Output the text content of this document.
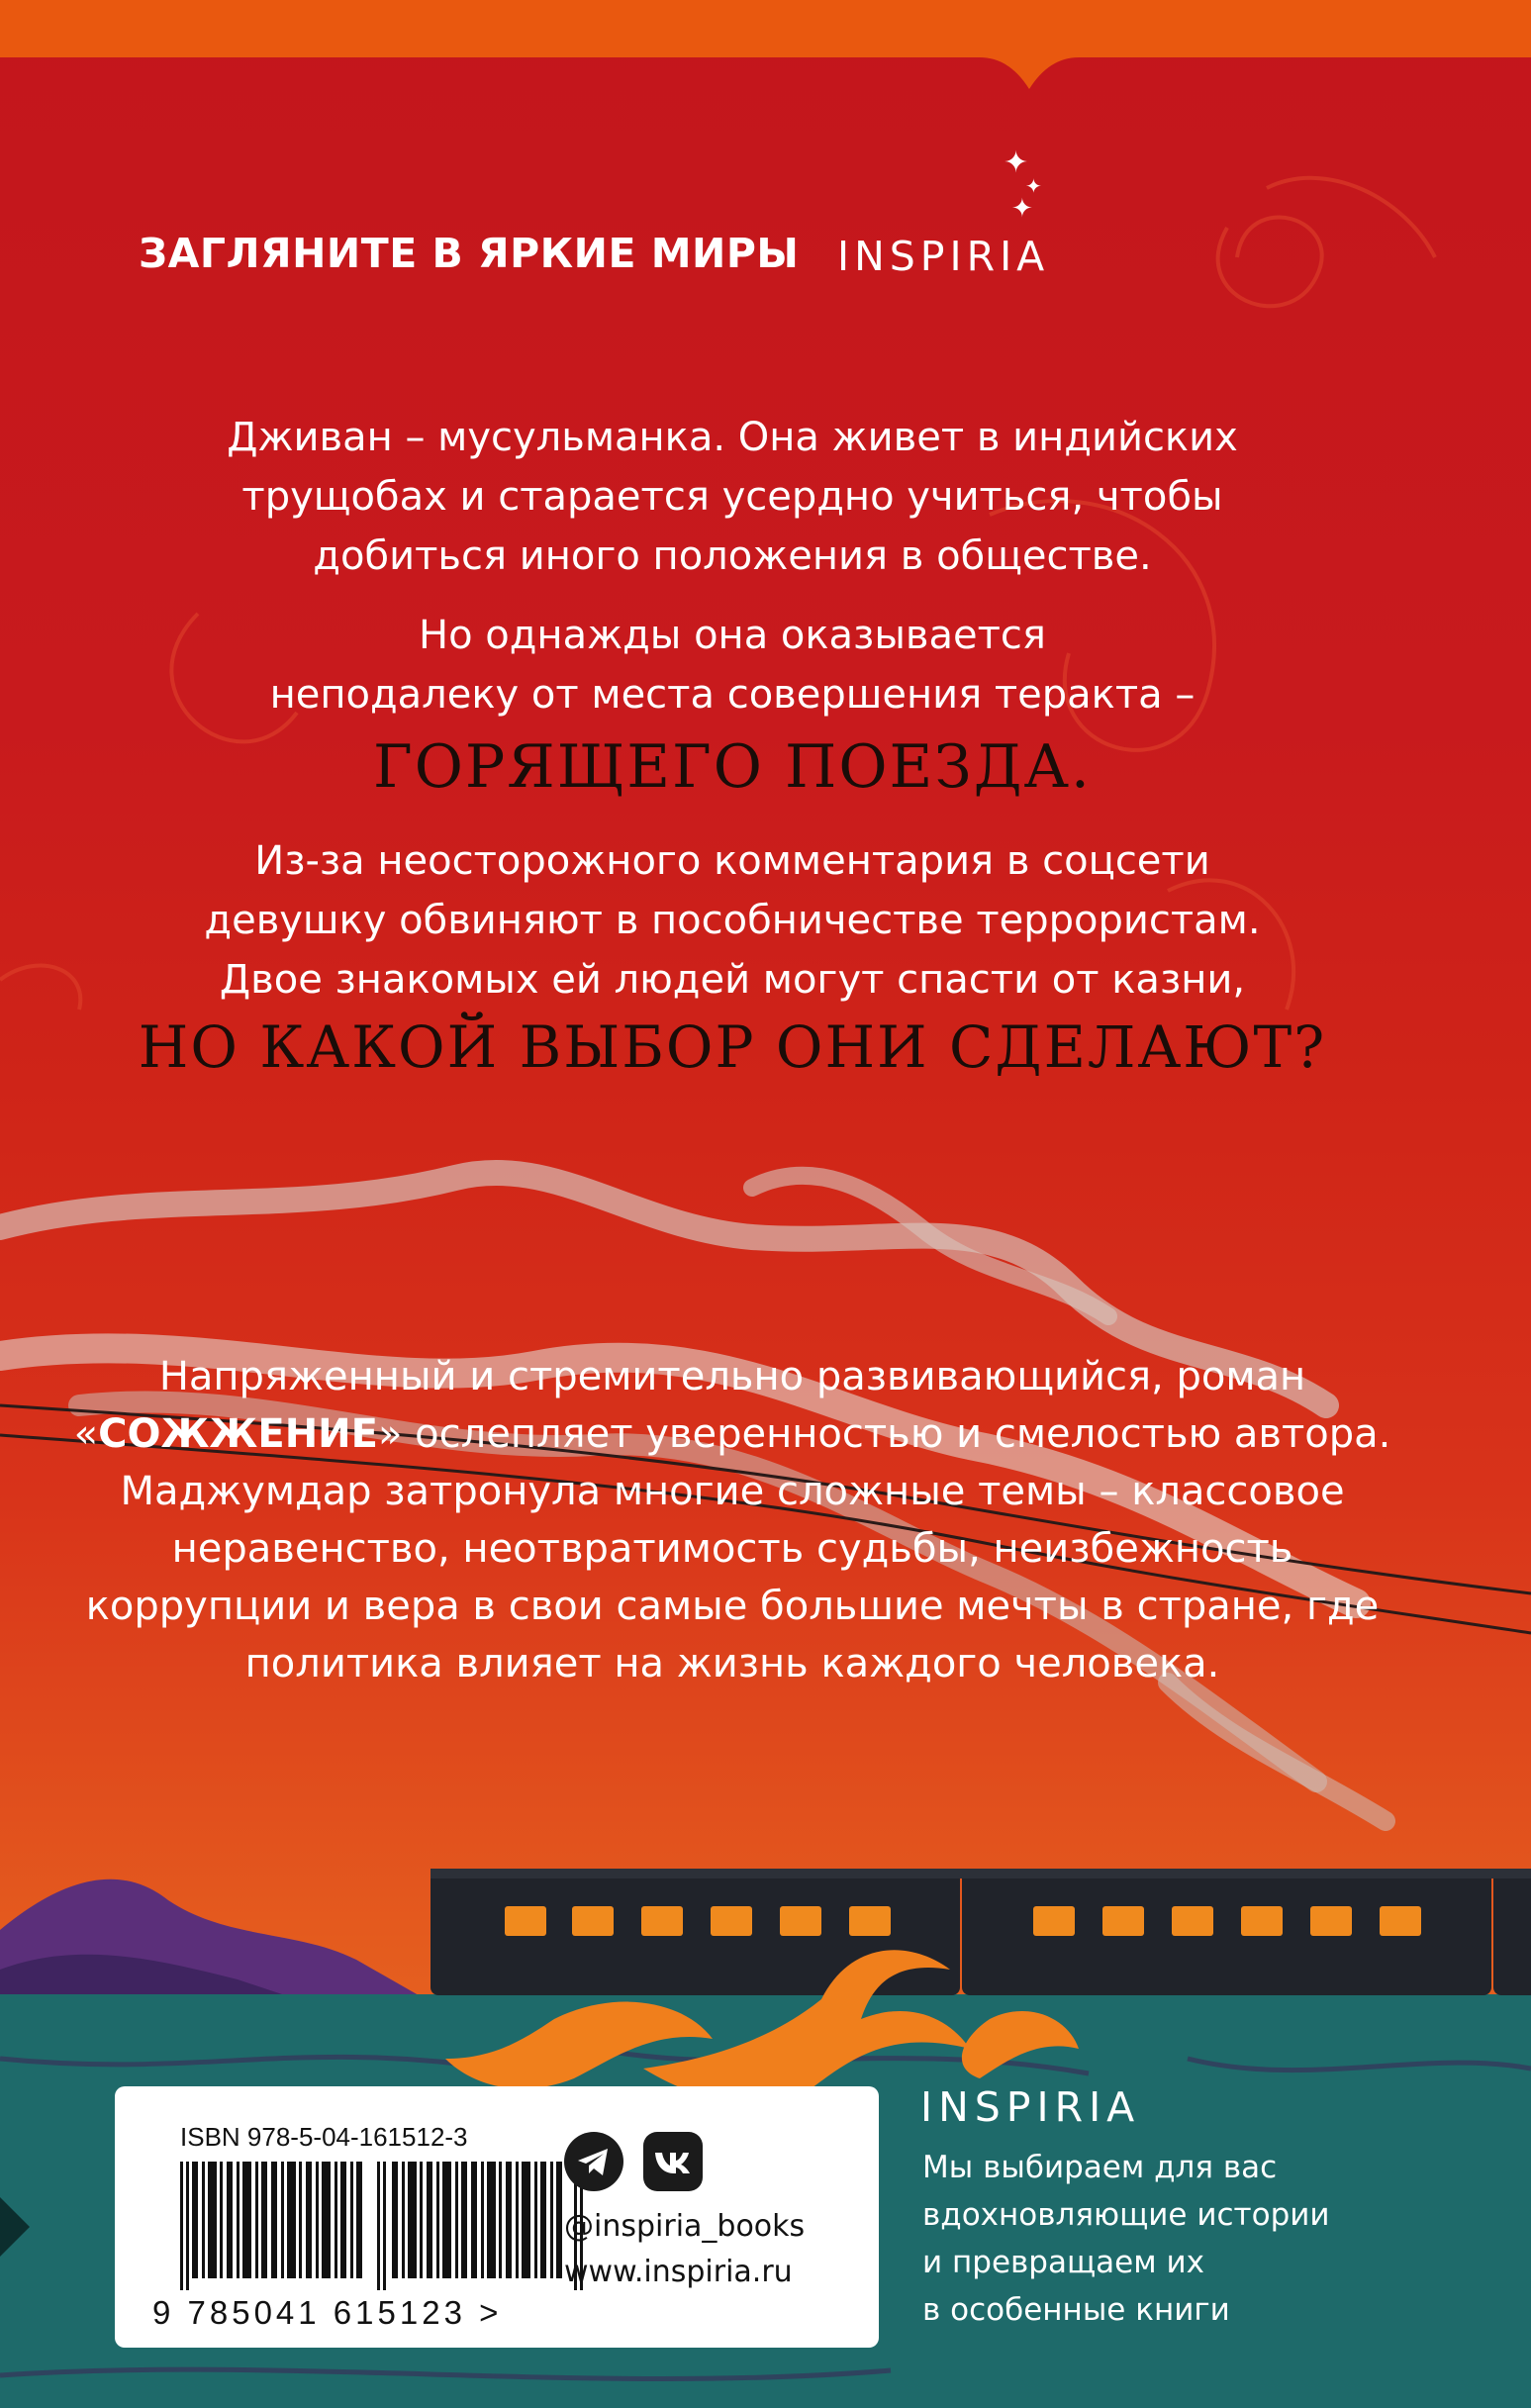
✦
✦
✦
ЗАГЛЯНИТЕ В ЯРКИЕ МИРЫ INSPIRIA
Дживан – мусульманка. Она живет в индийских
трущобах и старается усердно учиться, чтобы
добиться иного положения в обществе.
Но однажды она оказывается
неподалеку от места совершения теракта –
ГОРЯЩЕГО ПОЕЗДА.
Из-за неосторожного комментария в соцсети
девушку обвиняют в пособничестве террористам.
Двое знакомых ей людей могут спасти от казни,
НО КАКОЙ ВЫБОР ОНИ СДЕЛАЮТ?
Напряженный и стремительно развивающийся, роман
«СОЖЖЕНИЕ» ослепляет уверенностью и смелостью автора.
Маджумдар затронула многие сложные темы – классовое
неравенство, неотвратимость судьбы, неизбежность
коррупции и вера в свои самые большие мечты в стране, где
политика влияет на жизнь каждого человека.
ISBN 978-5-04-161512-3
9 785041 615123 >
@inspiria_books
www.inspiria.ru
INSPIRIA
Мы выбираем для вас
вдохновляющие истории
и превращаем их
в особенные книги
